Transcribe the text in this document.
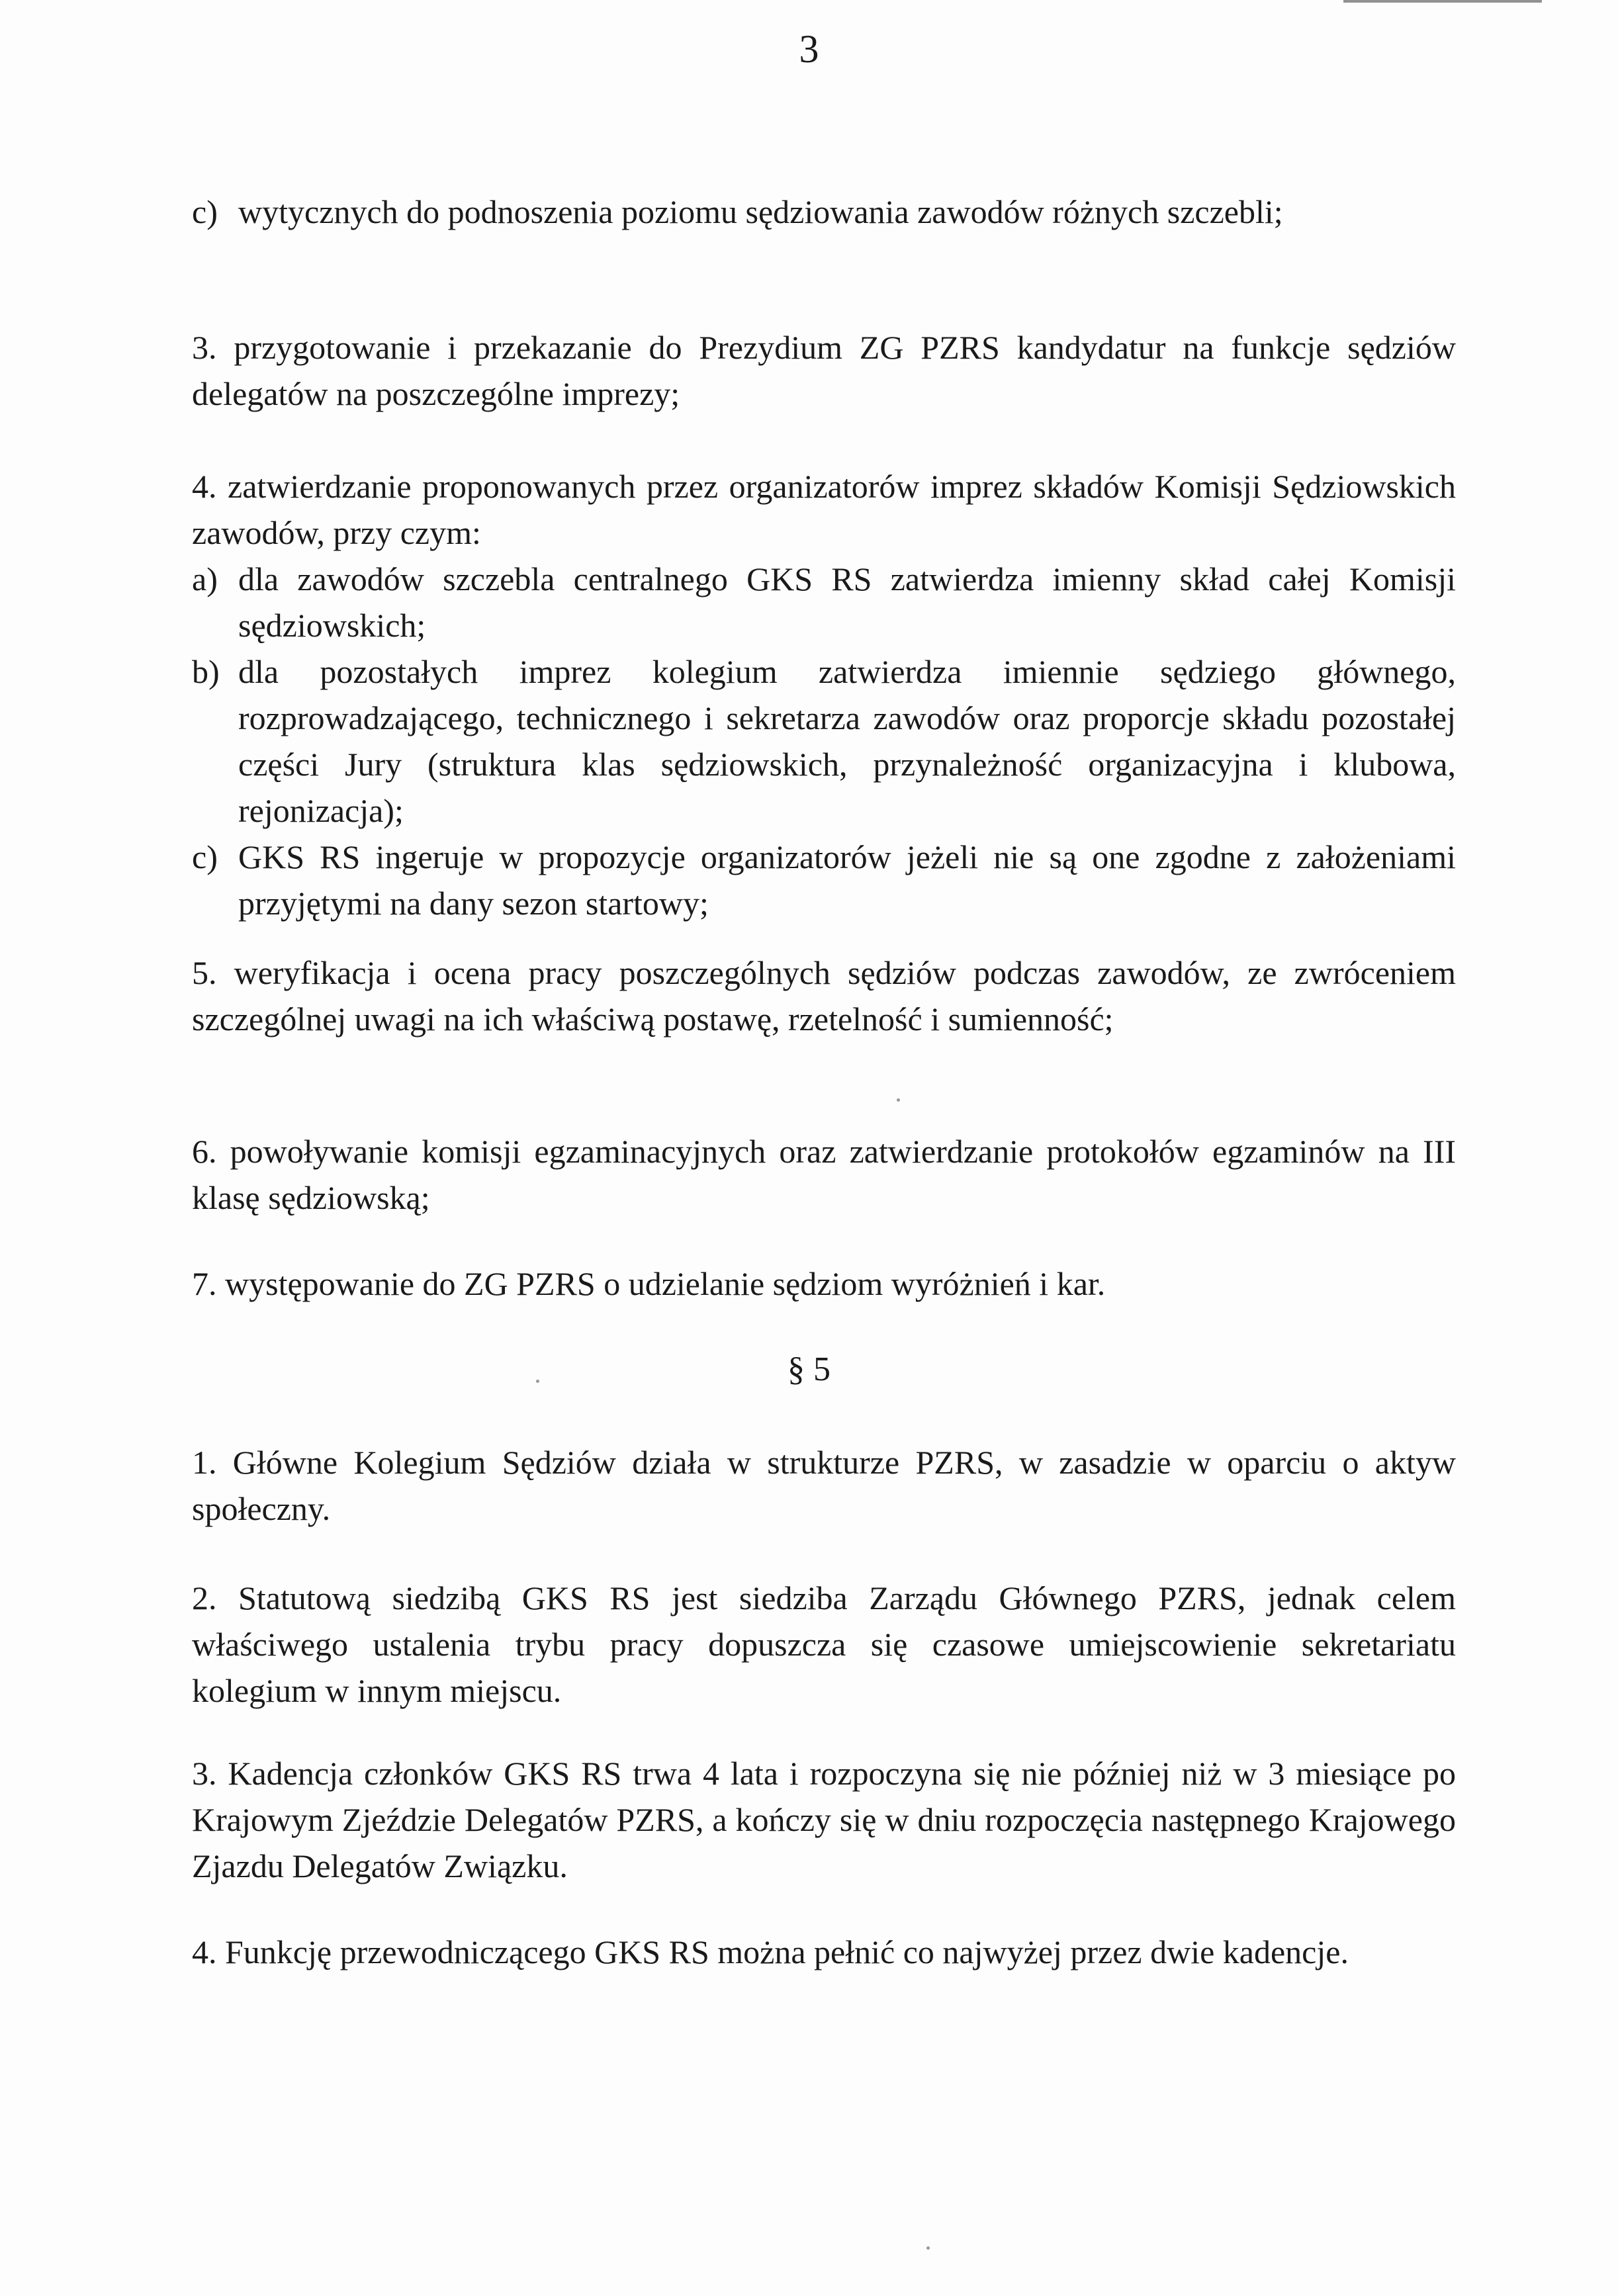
3
c) wytycznych do podnoszenia poziomu sędziowania zawodów różnych szczebli;

3. przygotowanie i przekazanie do Prezydium ZG PZRS kandydatur na funkcje sędziów delegatów na poszczególne imprezy;

4. zatwierdzanie proponowanych przez organizatorów imprez składów Komisji Sędziowskich zawodów, przy czym:

a) dla zawodów szczebla centralnego GKS RS zatwierdza imienny skład całej Komisji sędziowskich;

b) dla pozostałych imprez kolegium zatwierdza imiennie sędziego głównego, rozprowadzającego, technicznego i sekretarza zawodów oraz proporcje składu pozostałej części Jury (struktura klas sędziowskich, przynależność organizacyjna i klubowa, rejonizacja);

c) GKS RS ingeruje w propozycje organizatorów jeżeli nie są one zgodne z założeniami przyjętymi na dany sezon startowy;

5. weryfikacja i ocena pracy poszczególnych sędziów podczas zawodów, ze zwróceniem szczególnej uwagi na ich właściwą postawę, rzetelność i sumienność;

6. powoływanie komisji egzaminacyjnych oraz zatwierdzanie protokołów egzaminów na III klasę sędziowską;

7. występowanie do ZG PZRS o udzielanie sędziom wyróżnień i kar.

§ 5

1. Główne Kolegium Sędziów działa w strukturze PZRS, w zasadzie w oparciu o aktyw społeczny.

2. Statutową siedzibą GKS RS jest siedziba Zarządu Głównego PZRS, jednak celem właściwego ustalenia trybu pracy dopuszcza się czasowe umiejscowienie sekretariatu kolegium w innym miejscu.

3. Kadencja członków GKS RS trwa 4 lata i rozpoczyna się nie później niż w 3 miesiące po Krajowym Zjeździe Delegatów PZRS, a kończy się w dniu rozpoczęcia następnego Krajowego Zjazdu Delegatów Związku.

4. Funkcję przewodniczącego GKS RS można pełnić co najwyżej przez dwie kadencje.
